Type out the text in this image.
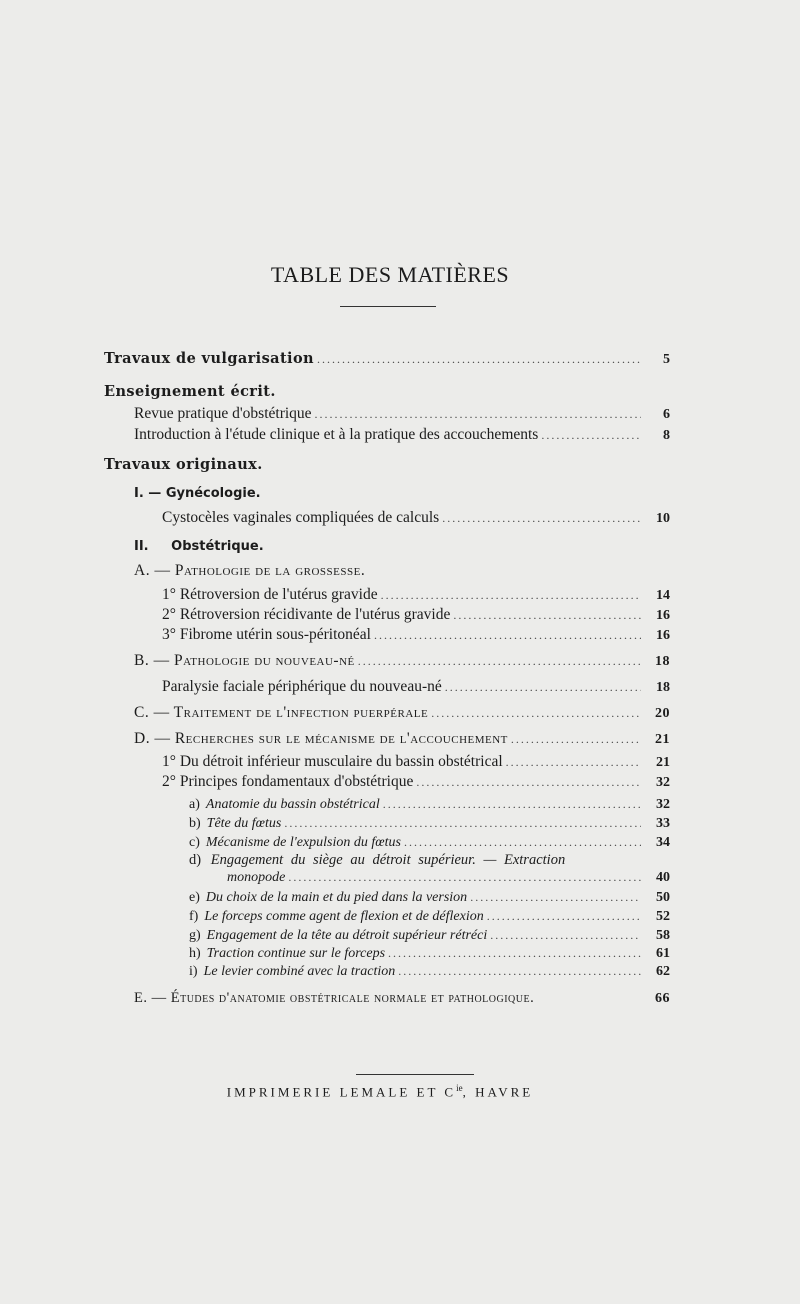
TABLE DES MATIÈRES
Travaux de vulgarisation .....	5
Enseignement écrit.
Revue pratique d'obstétrique .....	6
Introduction à l'étude clinique et à la pratique des accouchements .....	8
Travaux originaux.
I. — Gynécologie.
Cystocèles vaginales compliquées de calculs .....	10
II. Obstétrique.
A. — Pathologie de la grossesse.
1° Rétroversion de l'utérus gravide .....	14
2° Rétroversion récidivante de l'utérus gravide .....	16
3° Fibrome utérin sous-péritonéal .....	16
B. — Pathologie du nouveau-né .....	18
Paralysie faciale périphérique du nouveau-né .....	18
C. — Traitement de l'infection puerpérale .....	20
D. — Recherches sur le mécanisme de l'accouchement .....	21
1° Du détroit inférieur musculaire du bassin obstétrical .....	21
2° Principes fondamentaux d'obstétrique .....	32
a) Anatomie du bassin obstétrical .....	32
b) Tête du fœtus .....	33
c) Mécanisme de l'expulsion du fœtus .....	34
d) Engagement du siège au détroit supérieur. — Extraction
monopode .....	40
e) Du choix de la main et du pied dans la version .....	50
f) Le forceps comme agent de flexion et de déflexion .....	52
g) Engagement de la tête au détroit supérieur rétréci .....	58
h) Traction continue sur le forceps .....	61
i) Le levier combiné avec la traction .....	62
E. — Études d'anatomie obstétricale normale et pathologique.	66
IMPRIMERIE LEMALE ET $C^{ie}$, HAVRE
